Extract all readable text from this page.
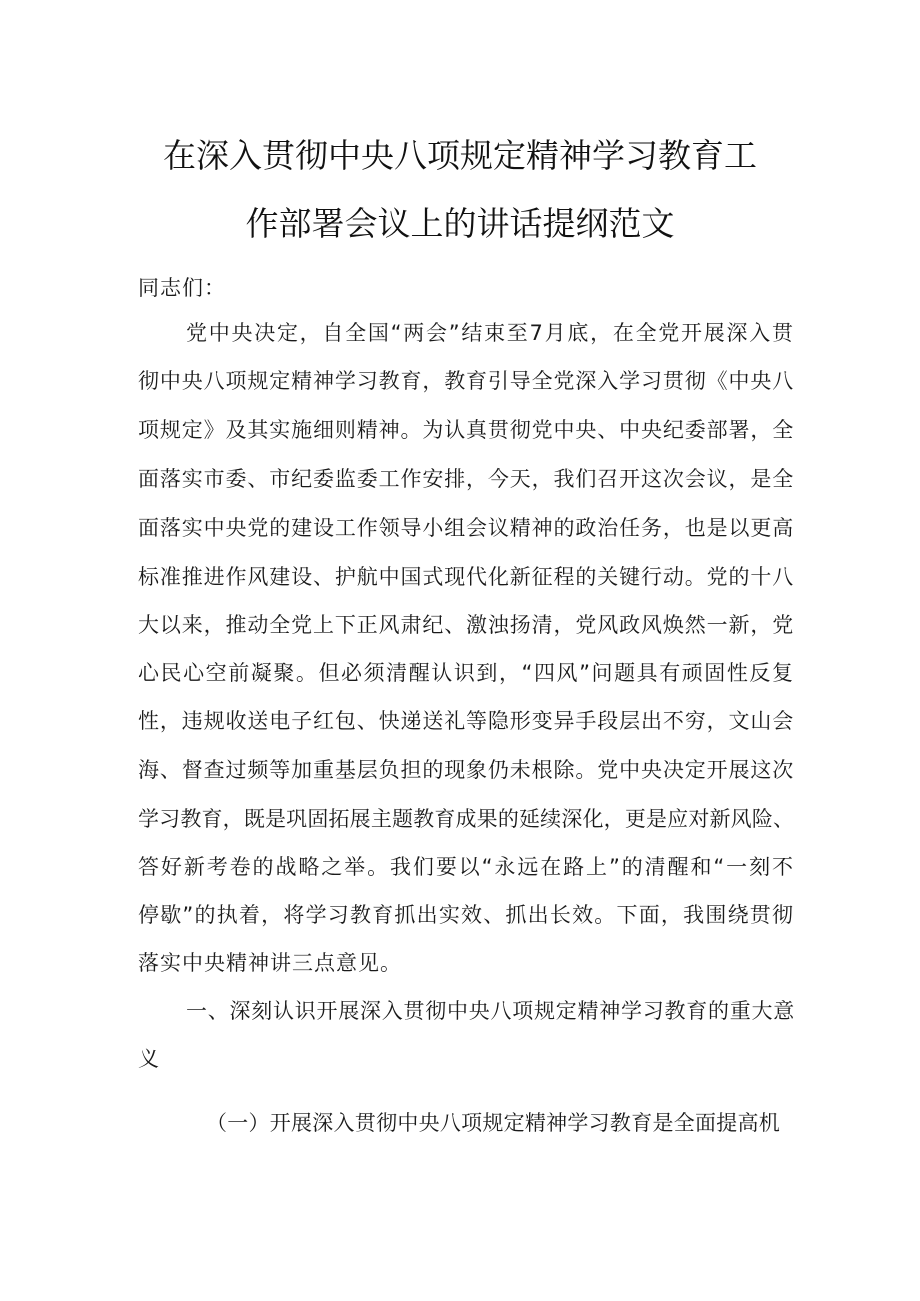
在深入贯彻中央八项规定精神学习教育工
作部署会议上的讲话提纲范文
同志们：
党中央决定，自全国“两会”结束至7月底，在全党开展深入贯
彻中央八项规定精神学习教育，教育引导全党深入学习贯彻《中央八
项规定》及其实施细则精神。为认真贯彻党中央、中央纪委部署，全
面落实市委、市纪委监委工作安排，今天，我们召开这次会议，是全
面落实中央党的建设工作领导小组会议精神的政治任务，也是以更高
标准推进作风建设、护航中国式现代化新征程的关键行动。党的十八
大以来，推动全党上下正风肃纪、激浊扬清，党风政风焕然一新，党
心民心空前凝聚。但必须清醒认识到，“四风”问题具有顽固性反复
性，违规收送电子红包、快递送礼等隐形变异手段层出不穷，文山会
海、督查过频等加重基层负担的现象仍未根除。党中央决定开展这次
学习教育，既是巩固拓展主题教育成果的延续深化，更是应对新风险、
答好新考卷的战略之举。我们要以“永远在路上”的清醒和“一刻不
停歇”的执着，将学习教育抓出实效、抓出长效。下面，我围绕贯彻
落实中央精神讲三点意见。
一、深刻认识开展深入贯彻中央八项规定精神学习教育的重大意
义
（一）开展深入贯彻中央八项规定精神学习教育是全面提高机
